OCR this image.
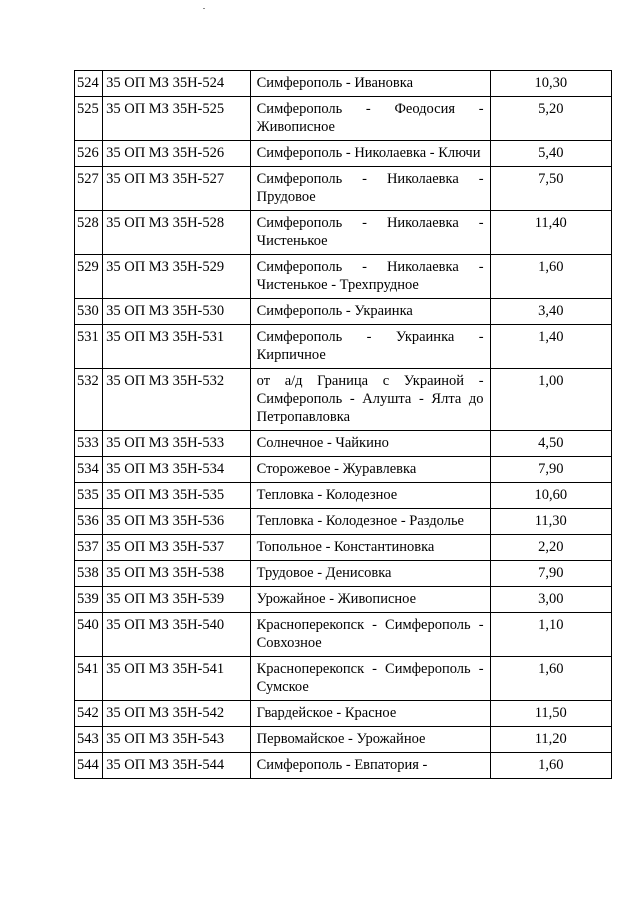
524	35 ОП МЗ 35Н-524	Симферополь - Ивановка	10,30
525	35 ОП МЗ 35Н-525	Симферополь - Феодосия - Живописное	5,20
526	35 ОП МЗ 35Н-526	Симферополь - Николаевка - Ключи	5,40
527	35 ОП МЗ 35Н-527	Симферополь - Николаевка - Прудовое	7,50
528	35 ОП МЗ 35Н-528	Симферополь - Николаевка - Чистенькое	11,40
529	35 ОП МЗ 35Н-529	Симферополь - Николаевка - Чистенькое - Трехпрудное	1,60
530	35 ОП МЗ 35Н-530	Симферополь - Украинка	3,40
531	35 ОП МЗ 35Н-531	Симферополь - Украинка - Кирпичное	1,40
532	35 ОП МЗ 35Н-532	от а/д Граница с Украиной - Симферополь - Алушта - Ялта до Петропавловка	1,00
533	35 ОП МЗ 35Н-533	Солнечное - Чайкино	4,50
534	35 ОП МЗ 35Н-534	Сторожевое - Журавлевка	7,90
535	35 ОП МЗ 35Н-535	Тепловка - Колодезное	10,60
536	35 ОП МЗ 35Н-536	Тепловка - Колодезное - Раздолье	11,30
537	35 ОП МЗ 35Н-537	Топольное - Константиновка	2,20
538	35 ОП МЗ 35Н-538	Трудовое - Денисовка	7,90
539	35 ОП МЗ 35Н-539	Урожайное - Живописное	3,00
540	35 ОП МЗ 35Н-540	Красноперекопск - Симферополь - Совхозное	1,10
541	35 ОП МЗ 35Н-541	Красноперекопск - Симферополь - Сумское	1,60
542	35 ОП МЗ 35Н-542	Гвардейское - Красное	11,50
543	35 ОП МЗ 35Н-543	Первомайское - Урожайное	11,20
544	35 ОП МЗ 35Н-544	Симферополь - Евпатория -	1,60
